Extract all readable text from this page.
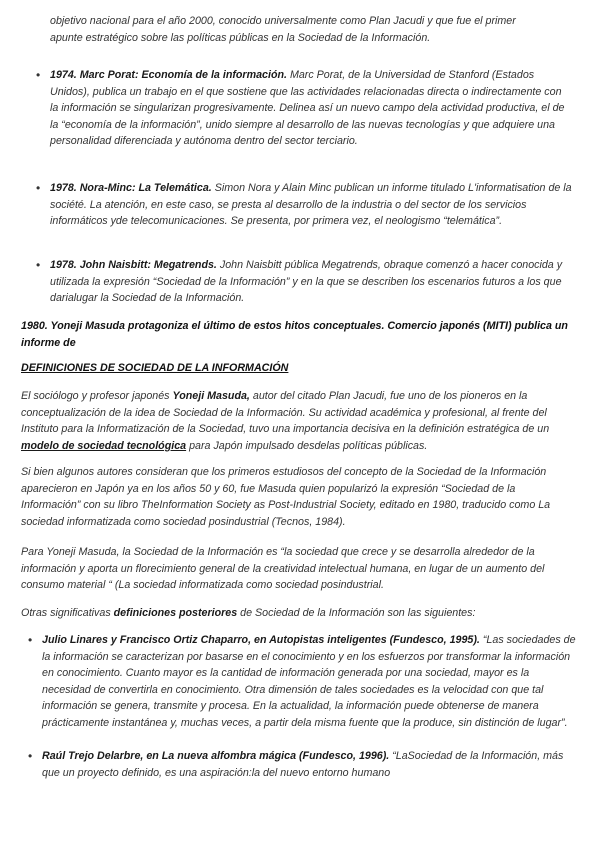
objetivo nacional para el año 2000, conocido universalmente como Plan Jacudi y que fue el primer
apunte estratégico sobre las políticas públicas en la Sociedad de la Información.
• 1974. Marc Porat: Economía de la información. Marc Porat, de la Universidad de Stanford (Estados Unidos), publica un trabajo en el que sostiene que las actividades relacionadas directa o indirectamente con la información se singularizan progresivamente. Delinea así un nuevo campo dela actividad productiva, el de la “economía de la información”, unido siempre al desarrollo de las nuevas tecnologías y que adquiere una personalidad diferenciada y autónoma dentro del sector terciario.
• 1978. Nora-Minc: La Telemática. Simon Nora y Alain Minc publican un informe titulado L'informatisation de la société. La atención, en este caso, se presta al desarrollo de la industria o del sector de los servicios informáticos yde telecomunicaciones. Se presenta, por primera vez, el neologismo “telemática”.
• 1978. John Naisbitt: Megatrends. John Naisbitt pública Megatrends, obraque comenzó a hacer conocida y utilizada la expresión “Sociedad de la Información” y en la que se describen los escenarios futuros a los que darialugar la Sociedad de la Información.
1980. Yoneji Masuda protagoniza el último de estos hitos conceptuales. Comercio japonés (MITI) publica un informe de
DEFINICIONES DE SOCIEDAD DE LA INFORMACIÓN
El sociólogo y profesor japonés Yoneji Masuda, autor del citado Plan Jacudi, fue uno de los pioneros en la conceptualización de la idea de Sociedad de la Información. Su actividad académica y profesional, al frente del Instituto para la Informatización de la Sociedad, tuvo una importancia decisiva en la definición estratégica de un modelo de sociedad tecnológica para Japón impulsado desdelas políticas públicas.
Si bien algunos autores consideran que los primeros estudiosos del concepto de la Sociedad de la Información aparecieron en Japón ya en los años 50 y 60, fue Masuda quien popularizó la expresión “Sociedad de la Información” con su libro TheInformation Society as Post-Industrial Society, editado en 1980, traducido como La sociedad informatizada como sociedad posindustrial (Tecnos, 1984).
Para Yoneji Masuda, la Sociedad de la Información es “la sociedad que crece y se desarrolla alrededor de la información y aporta un florecimiento general de la creatividad intelectual humana, en lugar de un aumento del consumo material “ (La sociedad informatizada como sociedad posindustrial.
Otras significativas definiciones posteriores de Sociedad de la Información son las siguientes:
• Julio Linares y Francisco Ortiz Chaparro, en Autopistas inteligentes (Fundesco, 1995). “Las sociedades de la información se caracterizan por basarse en el conocimiento y en los esfuerzos por transformar la información en conocimiento. Cuanto mayor es la cantidad de información generada por una sociedad, mayor es la necesidad de convertirla en conocimiento. Otra dimensión de tales sociedades es la velocidad con que tal información se genera, transmite y procesa. En la actualidad, la información puede obtenerse de manera prácticamente instantánea y, muchas veces, a partir dela misma fuente que la produce, sin distinción de lugar”.
• Raúl Trejo Delarbre, en La nueva alfombra mágica (Fundesco, 1996). “LaSociedad de la Información, más que un proyecto definido, es una aspiración:la del nuevo entorno humano
